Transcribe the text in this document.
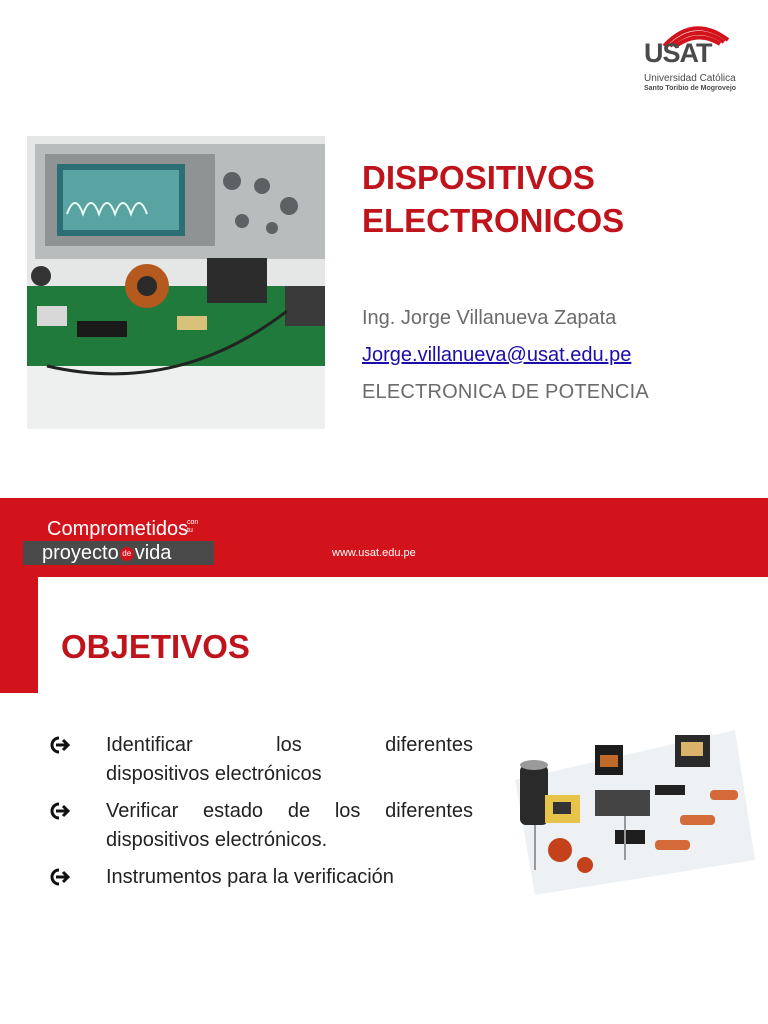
USAT
Universidad Católica
Santo Toribio de Mogrovejo
DISPOSITIVOS
ELECTRONICOS
Ing. Jorge Villanueva Zapata
Jorge.villanueva@usat.edu.pe
ELECTRONICA DE POTENCIA
Comprometidos
con
tu
proyecto de vida	www.usat.edu.pe
OBJETIVOS
Identificar los diferentes
dispositivos electrónicos
Verificar estado de los diferentes
dispositivos electrónicos.
Instrumentos para la verificación
